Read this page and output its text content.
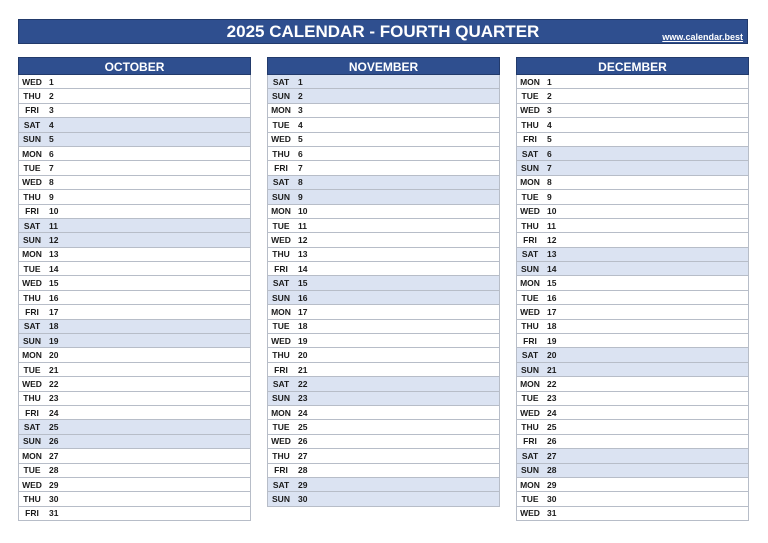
2025 CALENDAR - FOURTH QUARTER	www.calendar.best
OCTOBER
WED 1
THU 2
FRI	3
SAT	4
SUN 5
MON 6
TUE	7
WED 8
THU 9
FRI	10
SAT	11
SUN 12
MON 13
TUE	14
WED 15
THU 16
FRI	17
SAT	18
SUN 19
MON 20
TUE	21
WED 22
THU 23
FRI	24
SAT	25
SUN 26
MON 27
TUE	28
WED 29
THU 30
FRI	31
NOVEMBER
SAT	1
SUN 2
MON 3
TUE	4
WED 5
THU 6
FRI	7
SAT	8
SUN 9
MON 10
TUE	11
WED 12
THU 13
FRI	14
SAT	15
SUN 16
MON 17
TUE	18
WED 19
THU 20
FRI	21
SAT	22
SUN 23
MON 24
TUE	25
WED 26
THU 27
FRI	28
SAT	29
SUN 30
DECEMBER
MON 1
TUE	2
WED 3
THU 4
FRI	5
SAT	6
SUN 7
MON 8
TUE	9
WED 10
THU 11
FRI	12
SAT	13
SUN 14
MON 15
TUE	16
WED 17
THU 18
FRI	19
SAT	20
SUN 21
MON 22
TUE	23
WED 24
THU 25
FRI	26
SAT	27
SUN 28
MON 29
TUE	30
WED 31
